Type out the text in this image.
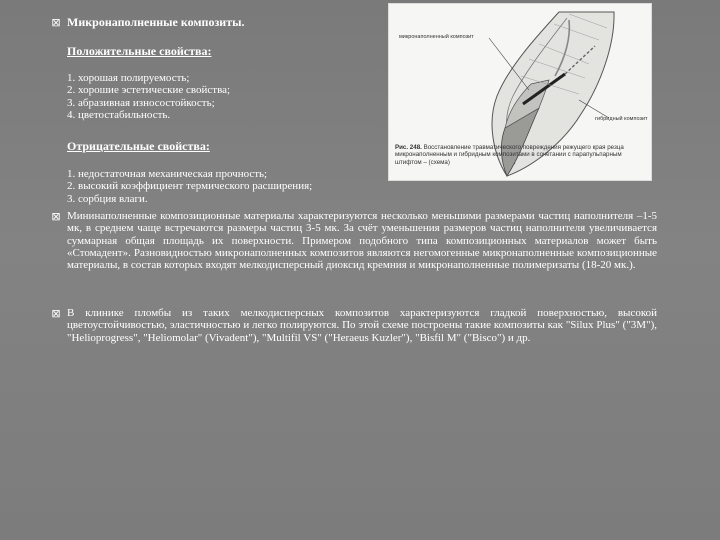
⊠ Микронаполненные композиты.
Положительные свойства:
1. хорошая полируемость;
2. хорошие эстетические свойства;
3. абразивная износостойкость;
4. цветостабильность.
Отрицательные свойства:
1. недостаточная механическая прочность;
2. высокий коэффициент термического расширения;
3. сорбция влаги.
⊠ Мининаполненные композиционные материалы характеризуются несколько меньшими размерами частиц наполнителя –1-5 мк, в среднем чаще встречаются размеры частиц 3-5 мк. За счёт уменьшения размеров частиц наполнителя увеличивается суммарная общая площадь их поверхности. Примером подобного типа композиционных материалов может быть «Стомадент». Разновидностью микронаполненных композитов являются негомогенные микронаполненные композиционные материалы, в состав которых входят мелкодисперсный диоксид кремния и микронаполненные полимеризаты (18-20 мк.).
⊠ В клинике пломбы из таких мелкодисперсных композитов характеризуются гладкой поверхностью, высокой цветоустойчивостью, эластичностью и легко полируются. По этой схеме построены такие композиты как "Silux Plus" ("3M"), "Helioprogress", "Heliomolar" (Vivadent"), "Multifil VS" ("Heraeus Kuzler"), "Bisfil M" ("Bisco") и др.
микронаполненный композит
гибридный композит
Рис. 248. Восстановление травматического повреждения режущего края резца микронаполненным и гибридным композитами в сочетании с парапульпарным штифтом – (схема)
